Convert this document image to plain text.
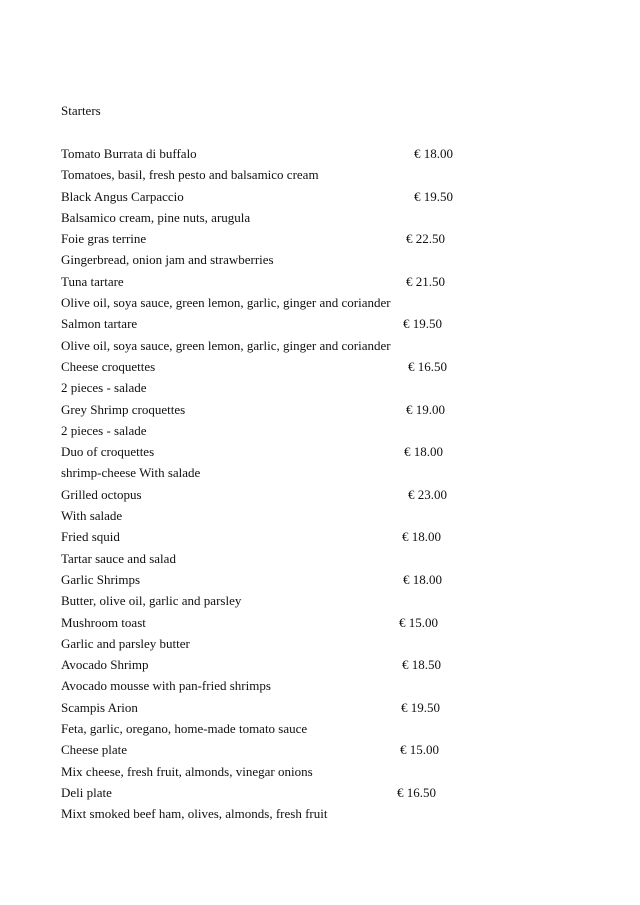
Starters
Tomato Burrata di buffalo	€ 18.00
Tomatoes, basil, fresh pesto and balsamico cream
Black Angus Carpaccio	€ 19.50
Balsamico cream, pine nuts, arugula
Foie gras terrine	€ 22.50
Gingerbread, onion jam and strawberries
Tuna tartare	€ 21.50
Olive oil, soya sauce, green lemon, garlic, ginger and coriander
Salmon tartare	€ 19.50
Olive oil, soya sauce, green lemon, garlic, ginger and coriander
Cheese croquettes	€ 16.50
2 pieces - salade
Grey Shrimp croquettes	€ 19.00
2 pieces - salade
Duo of croquettes	€ 18.00
shrimp-cheese With salade
Grilled octopus	€ 23.00
With salade
Fried squid	€ 18.00
Tartar sauce and salad
Garlic Shrimps	€ 18.00
Butter, olive oil, garlic and parsley
Mushroom toast	€ 15.00
Garlic and parsley butter
Avocado Shrimp	€ 18.50
Avocado mousse with pan-fried shrimps
Scampis Arion	€ 19.50
Feta, garlic, oregano, home-made tomato sauce
Cheese plate	€ 15.00
Mix cheese, fresh fruit, almonds, vinegar onions
Deli plate	€ 16.50
Mixt smoked beef ham, olives, almonds, fresh fruit
